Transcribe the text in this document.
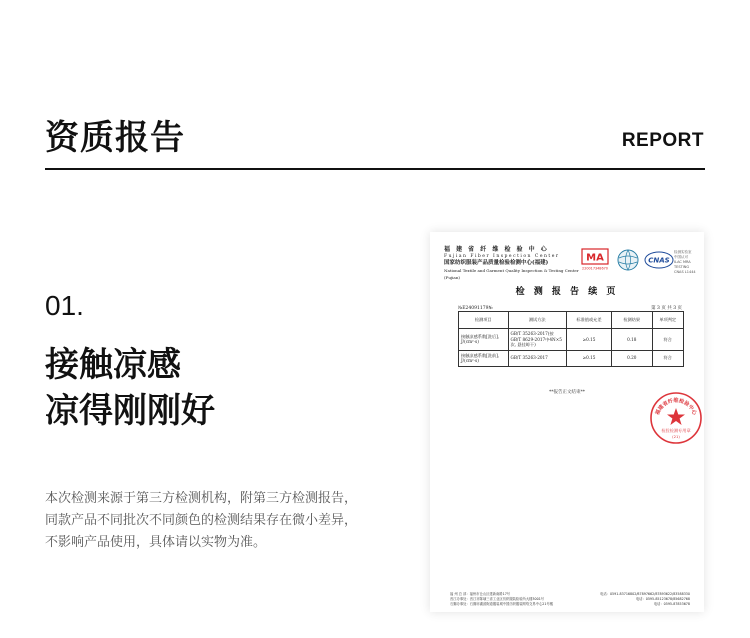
资质报告	REPORT
01.
接触凉感
凉得刚刚好
本次检测来源于第三方检测机构，附第三方检测报告，
同款产品不同批次不同颜色的检测结果存在微小差异，
不影响产品使用，具体请以实物为准。
福 建 省 纤 维 检 验 中 心
Fujian Fiber Inspection Center
国家纺织服装产品质量检验检测中心(福建)
National Textile and Garment Quality Inspection & Testing Center (Fujian)
MA
220017348670
CNAS
检测实验室
中国认可
ILAC MRA
TESTING
CNAS L1444
检 测 报 告 续 页
№E24091179№	第 3 页 共 3 页
检测项目	测试方法	标准值或允差	检测结果	单项判定
接触凉感系数[洗后], J/(cm²·s)	GB/T 35263-2017(按GB/T 8629-2017中4N×5次, 悬挂晾干)	≥0.15	0.18	符合
接触凉感系数[洗前], J/(cm²·s)	GB/T 35263-2017	≥0.15	0.20	符合
**报告正文结束**
福建省纤维检验中心
检验检测专用章
(21)
福 州 总 部：福州市仓山区建新南路17号	电话：0591-83716802/87897662/87893622/83588330
晋江办事处：晋江市陈埭三省工业区纺织服装检验所大楼3001号	电话：0595-85123678/85682768
石狮办事处：石狮市湖滨街道服装城中国纺织服装网络交易中心21号楼	电话：0595-87853678
